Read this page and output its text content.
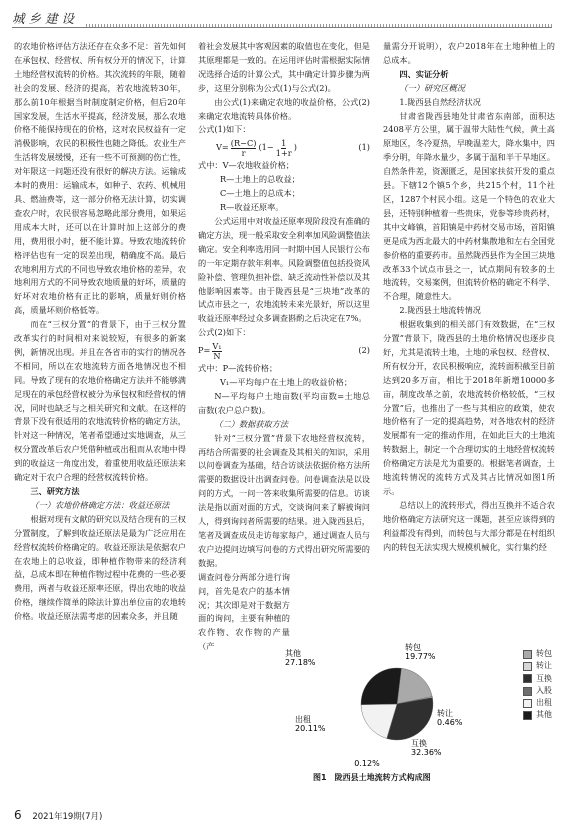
城乡建设

的农地价格评估方法还存在众多不足：首先如何在承包权、经营权、所有权分开的情况下，计算土地经营权流转的价格。其次流转的年限，随着社会的发展、经济的提高，若农地流转30年，那么前10年根据当时制度制定价格，但后20年国家发展，生活水平提高，经济发展，那么农地价格不能保持现在的价格，这对农民权益有一定消极影响，农民的积极性也随之降低。农业生产生活将发展缓慢，还有一些不可预测的伤亡性，对年限这一问题还没有很好的解决方法。运输成本时的费用：运输成本，如种子、农药、机械用具、燃油费等，这一部分价格无法计算，切实调查农户时，农民很容易忽略此部分费用，如果运用成本大时，还可以在计算时加上这部分的费用，费用很小时，便不能计算。导致农地流转价格评估也有一定的误差出现，精确度不高。最后农地利用方式的不同也导致农地价格的差异，农地利用方式的不同导致农地质量的好坏，质量的好坏对农地价格有正比的影响，质量好则价格高，质量坏则价格低等。

而在“三权分置”的背景下，由于三权分置改革实行的时间相对来说较短，有很多的新案例，新情况出现。并且在各省市的实行的情况各不相同，所以在农地流转方面各地情况也不相同。导致了现有的农地价格确定方法并不能够满足现在的承包经营权被分为承包权和经营权的情况，同时也缺乏与之相关研究和文献。在这样的背景下没有很适用的农地流转价格的确定方法，针对这一种情况，笔者希望通过实地调查，从三权分置改革后农户凭借种植或出租而从农地中得到的收益这一角度出发，着重使用收益还原法来确定对于农户合理的经营权流转价格。

三、研究方法

（一）农地价格确定方法：收益还原法

根据对现有文献的研究以及结合现有的三权分置制度，了解到收益还原法是最为广泛应用在经营权流转价格确定的。收益还原法是依据农户在农地上的总收益，即种植作物带来的经济利益，总成本即在种植作物过程中花费的一些必要费用，两者与收益还原率还原，得出农地的收益价格，继续作简单的除法计算出单位亩的农地转价格。收益还原法需考虑的因素众多，并且随

着社会发展其中客观因素的取值也在变化，但是其原理都是一致的。在运用评估时需根据实际情况选择合适的计算公式，其中确定计算步骤为两步，这里分别称为公式(1)与公式(2)。

由公式(1)来确定农地的收益价格，公式(2)来确定农地流转具体价格。

公式(1)如下：

V= (R−C)
r
(1− 1
1+r
)	(1)

式中：V—农地收益价格；

R—土地上的总收益；

C—土地上的总成本；

R—收益还原率。

公式运用中对收益还原率现阶段没有准确的确定方法，现一般采取安全利率加风险调整值法确定。安全利率选用同一时期中国人民银行公布的一年定期存款年利率。风险调整值包括投资风险补偿、管理负担补偿、缺乏流动性补偿以及其他影响因素等。由于陇西县是“三块地”改革的试点市县之一，农地流转未来光景好，所以这里收益还原率经过众多调查斟酌之后决定在7%。

公式(2)如下：

P= V₁
N
(2)

式中：P—流转价格；

V₁—平均每户在土地上的收益价格；

N—平均每户土地亩数(平均亩数=土地总亩数(农户总户数)。

（二）数据获取方法

针对“三权分置”背景下农地经营权流转，再结合所需要的社会调查及其相关的知识，采用以问卷调查为基础，结合访谈法依据价格方法所需要的数据设计出调查问卷。问卷调查法是以设问的方式，一问一答来收集所需要的信息。访谈法是指以面对面的方式，交谈询问来了解被询问人，得到询问者所需要的结果。进入陇西县后，笔者及调查成员走访每家每户，通过调查人员与农户边提问边填写问卷的方式得出研究所需要的数据。

调查问卷分两部分进行询问，首先是农户的基本情况；其次即是对于数据方面的询问，主要有种植的农作物、农作物的产量（产

量需分开说明），农户2018年在土地种植上的总成本。

四、实证分析

（一）研究区概况

1.陇西县自然经济状况

甘肃省陇西县地处甘肃省东南部，面积达2408平方公里，属于温带大陆性气候，黄土高原地区，冬冷夏热，早晚温差大，降水集中，四季分明，年降水量少，多属于温和半干旱地区。自然条件差，资源匮乏，是国家扶贫开发的重点县。下辖12个镇5个乡，共215个村，11个社区，1287个村民小组。这是一个特色的农业大县，还特别种植着一些贵床，党参等珍贵药材，其中文峰镇，首阳镇是中药材交易市场，首阳镇更是成为西北最大的中药材集散地和左右全国党参价格的重要药市。虽然陇西县作为全国三块地改革33个试点市县之一，试点期间有较多的土地流转，交易案例，但流转价格的确定不科学、不合理，随意性大。

2.陇西县土地流转情况

根据收集到的相关部门有效数据，在“三权分置”背景下，陇西县的土地价格情况也逐步良好，尤其是流转土地，土地的承包权、经营权、所有权分开，农民积极响应，流转面积截至目前达到20多万亩，相比于2018年新增10000多亩，制度改革之前，农地流转价格较低，“三权分置”后，也推出了一些与其相应的政策，使农地价格有了一定的提高趋势，对各地农村的经济发展都有一定的推动作用，在如此巨大的土地流转数据上，制定一个合理切实的土地经营权流转价格确定方法是尤为重要的。根据笔者调查，土地流转情况的流转方式及其占比情况如图1所示。

总结以上的流转形式，得出互换并不适合农地价格确定方法研究这一课题，甚至应该得到的利益都没有得到，而转包与大部分都是在村组织内的转包无法实现大规模机械化，实行集约经

转包 19.77%
转让 0.46%
互换 32.36%
0.12%
出租 20.11%
其他 27.18%
转包
转让
互换
入股
出租
其他
图1　陇西县土地流转方式构成图
6 2021年19期(7月)
